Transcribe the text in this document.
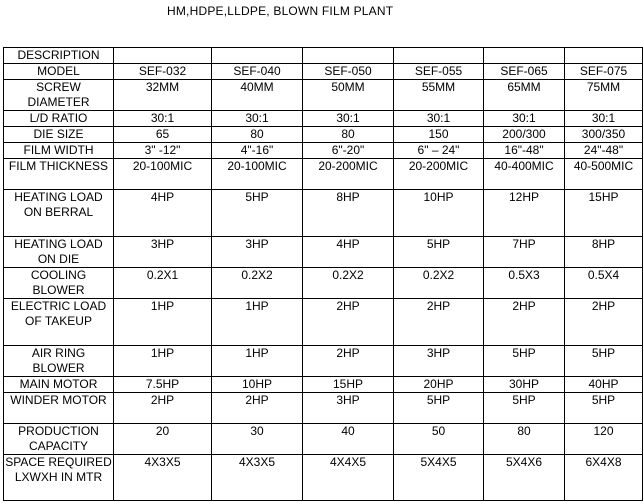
HM,HDPE,LLDPE, BLOWN FILM PLANT
DESCRIPTION						
MODEL	SEF-032	SEF-040	SEF-050	SEF-055	SEF-065	SEF-075
SCREW DIAMETER	32MM	40MM	50MM	55MM	65MM	75MM
L/D RATIO	30:1	30:1	30:1	30:1	30:1	30:1
DIE SIZE	65	80	80	150	200/300	300/350
FILM WIDTH	3" -12"	4"-16"	6"-20"	6" – 24"	16"-48"	24"-48"
FILM THICKNESS	20-100MIC	20-100MIC	20-200MIC	20-200MIC	40-400MIC	40-500MIC
HEATING LOAD ON BERRAL	4HP	5HP	8HP	10HP	12HP	15HP
HEATING LOAD ON DIE	3HP	3HP	4HP	5HP	7HP	8HP
COOLING BLOWER	0.2X1	0.2X2	0.2X2	0.2X2	0.5X3	0.5X4
ELECTRIC LOAD OF TAKEUP	1HP	1HP	2HP	2HP	2HP	2HP
AIR RING BLOWER	1HP	1HP	2HP	3HP	5HP	5HP
MAIN MOTOR	7.5HP	10HP	15HP	20HP	30HP	40HP
WINDER MOTOR	2HP	2HP	3HP	5HP	5HP	5HP
PRODUCTION CAPACITY	20	30	40	50	80	120
SPACE REQUIRED LXWXH IN MTR	4X3X5	4X3X5	4X4X5	5X4X5	5X4X6	6X4X8
